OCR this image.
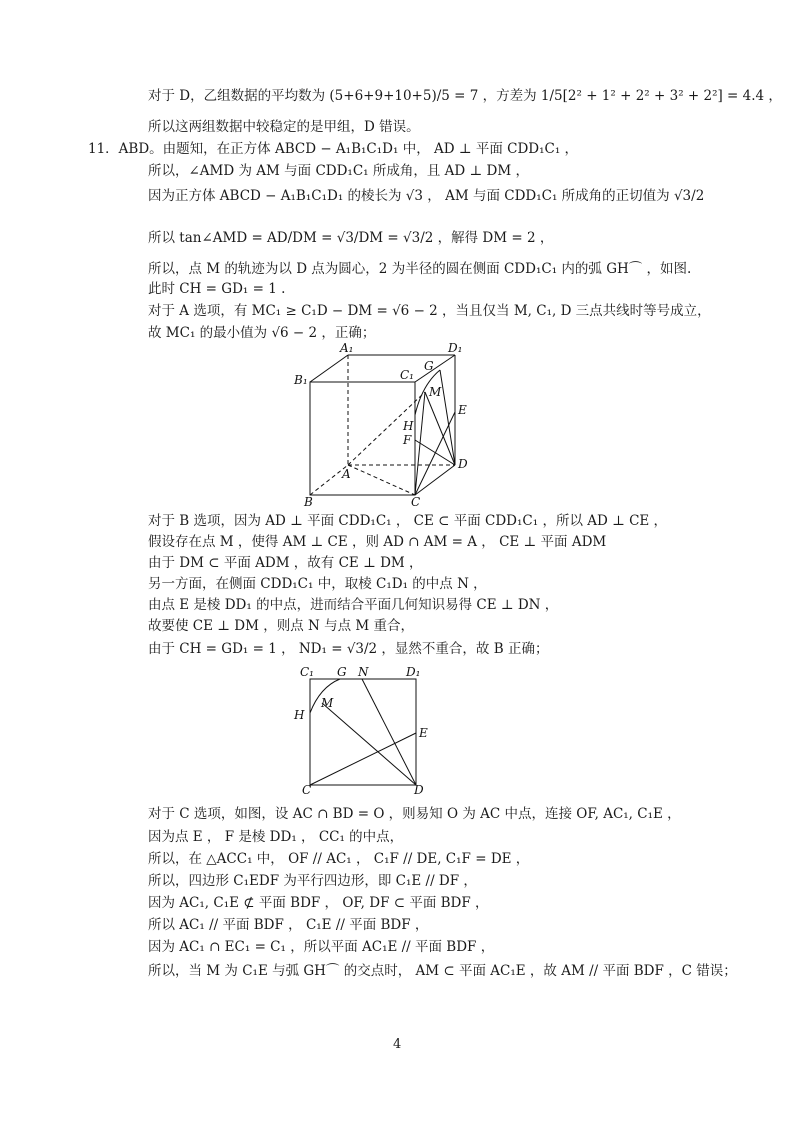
对于 D，乙组数据的平均数为 (5+6+9+10+5)/5 = 7 ，方差为 1/5[2² + 1² + 2² + 3² + 2²] = 4.4 ，
所以这两组数据中较稳定的是甲组，D 错误。
11．ABD。由题知，在正方体 ABCD − A₁B₁C₁D₁ 中， AD ⊥ 平面 CDD₁C₁ ，
所以，∠AMD 为 AM 与面 CDD₁C₁ 所成角，且 AD ⊥ DM ，
因为正方体 ABCD − A₁B₁C₁D₁ 的棱长为 √3 ， AM 与面 CDD₁C₁ 所成角的正切值为 √3/2
所以 tan∠AMD = AD/DM = √3/DM = √3/2 ，解得 DM = 2 ，
所以，点 M 的轨迹为以 D 点为圆心，2 为半径的圆在侧面 CDD₁C₁ 内的弧 GH⌒ ，如图.
此时 CH = GD₁ = 1 .
对于 A 选项，有 MC₁ ≥ C₁D − DM = √6 − 2 ，当且仅当 M, C₁, D 三点共线时等号成立，
故 MC₁ 的最小值为 √6 − 2 ，正确；
A₁	D₁
B₁	C₁
G
M
E
H
F
A
D
B	C
对于 B 选项，因为 AD ⊥ 平面 CDD₁C₁ ， CE ⊂ 平面 CDD₁C₁ ，所以 AD ⊥ CE ，
假设存在点 M ，使得 AM ⊥ CE ，则 AD ∩ AM = A ， CE ⊥ 平面 ADM
由于 DM ⊂ 平面 ADM ，故有 CE ⊥ DM ，
另一方面，在侧面 CDD₁C₁ 中，取棱 C₁D₁ 的中点 N ，
由点 E 是棱 DD₁ 的中点，进而结合平面几何知识易得 CE ⊥ DN ，
故要使 CE ⊥ DM ，则点 N 与点 M 重合，
由于 CH = GD₁ = 1 ， ND₁ = √3/2 ，显然不重合，故 B 正确；
C₁ G N	D₁
M
H
E
C	D
对于 C 选项，如图，设 AC ∩ BD = O ，则易知 O 为 AC 中点，连接 OF, AC₁, C₁E ，
因为点 E ， F 是棱 DD₁ ， CC₁ 的中点，
所以，在 △ACC₁ 中， OF // AC₁ ， C₁F // DE, C₁F = DE ，
所以，四边形 C₁EDF 为平行四边形，即 C₁E // DF ，
因为 AC₁, C₁E ⊄ 平面 BDF ， OF, DF ⊂ 平面 BDF ，
所以 AC₁ // 平面 BDF ， C₁E // 平面 BDF ，
因为 AC₁ ∩ EC₁ = C₁ ，所以平面 AC₁E // 平面 BDF ，
所以，当 M 为 C₁E 与弧 GH⌒ 的交点时， AM ⊂ 平面 AC₁E ，故 AM // 平面 BDF ，C 错误；
4
